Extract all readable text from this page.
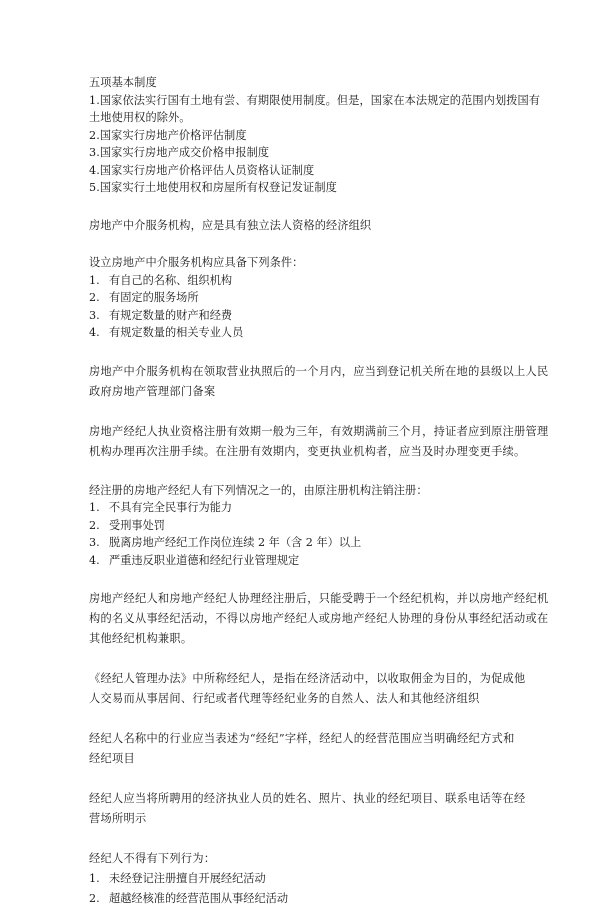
五项基本制度
1.国家依法实行国有土地有尝、有期限使用制度。但是，国家在本法规定的范围内划拨国有
土地使用权的除外。
2.国家实行房地产价格评估制度
3.国家实行房地产成交价格申报制度
4.国家实行房地产价格评估人员资格认证制度
5.国家实行土地使用权和房屋所有权登记发证制度
房地产中介服务机构，应是具有独立法人资格的经济组织
设立房地产中介服务机构应具备下列条件：
1. 有自己的名称、组织机构
2. 有固定的服务场所
3. 有规定数量的财产和经费
4. 有规定数量的相关专业人员
房地产中介服务机构在领取营业执照后的一个月内，应当到登记机关所在地的县级以上人民
政府房地产管理部门备案
房地产经纪人执业资格注册有效期一般为三年，有效期满前三个月，持证者应到原注册管理
机构办理再次注册手续。在注册有效期内，变更执业机构者，应当及时办理变更手续。
经注册的房地产经纪人有下列情况之一的，由原注册机构注销注册：
1. 不具有完全民事行为能力
2. 受刑事处罚
3. 脱离房地产经纪工作岗位连续 2 年（含 2 年）以上
4. 严重违反职业道德和经纪行业管理规定
房地产经纪人和房地产经纪人协理经注册后，只能受聘于一个经纪机构，并以房地产经纪机
构的名义从事经纪活动，不得以房地产经纪人或房地产经纪人协理的身份从事经纪活动或在
其他经纪机构兼职。
《经纪人管理办法》中所称经纪人，是指在经济活动中，以收取佣金为目的，为促成他
人交易而从事居间、行纪或者代理等经纪业务的自然人、法人和其他经济组织
经纪人名称中的行业应当表述为“经纪”字样，经纪人的经营范围应当明确经纪方式和
经纪项目
经纪人应当将所聘用的经济执业人员的姓名、照片、执业的经纪项目、联系电话等在经
营场所明示
经纪人不得有下列行为：
1. 未经登记注册擅自开展经纪活动
2. 超越经核准的经营范围从事经纪活动
